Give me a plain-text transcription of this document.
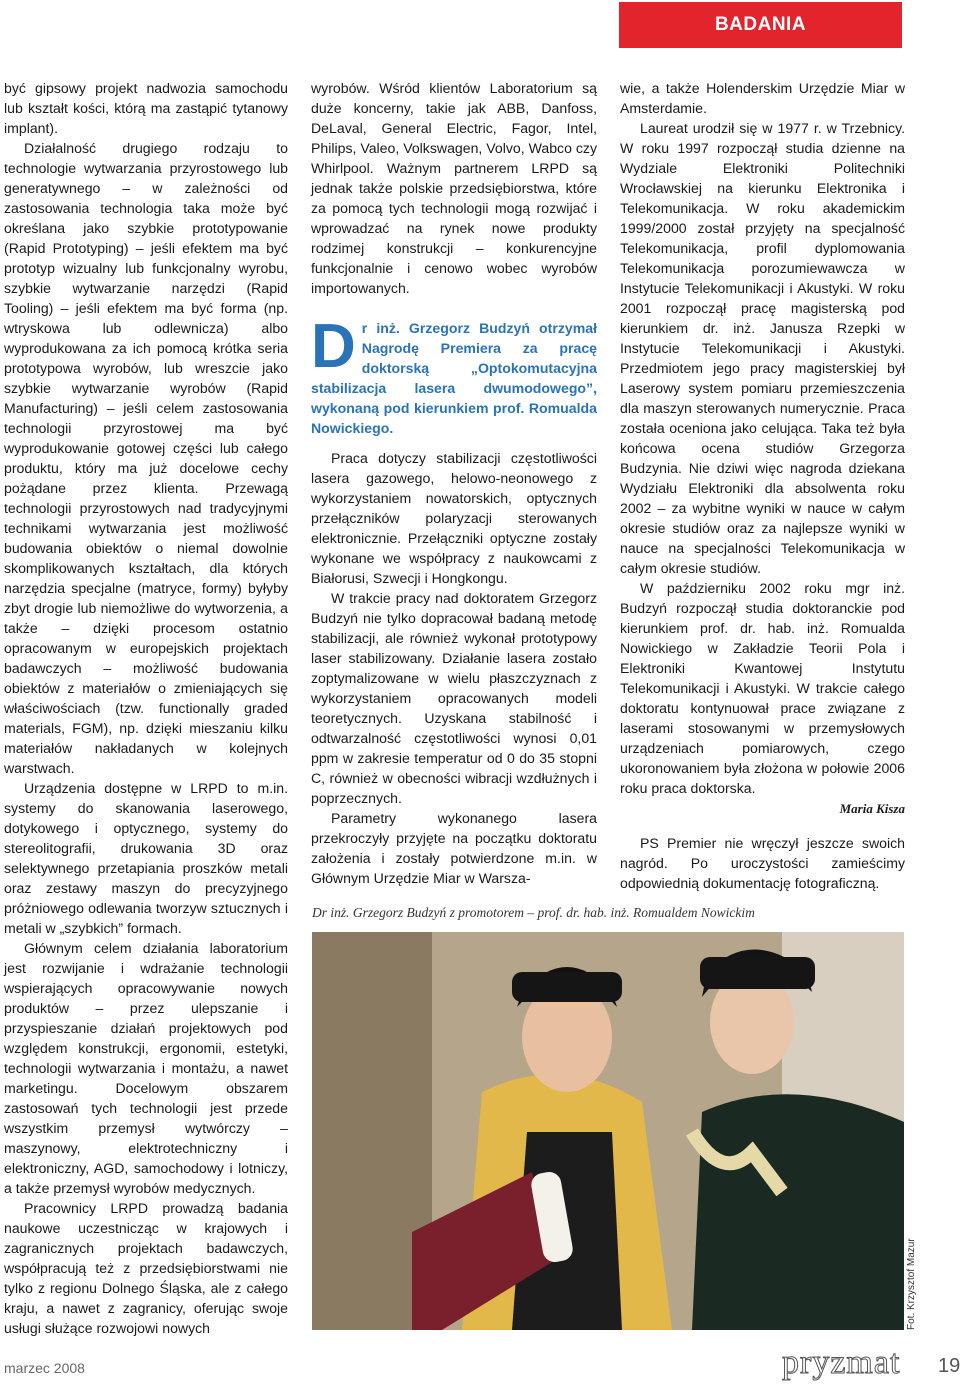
BADANIA

być gipsowy projekt nadwozia samochodu lub kształt kości, którą ma zastąpić tytanowy implant).

Działalność drugiego rodzaju to technologie wytwarzania przyrostowego lub generatywnego – w zależności od zastosowania technologia taka może być określana jako szybkie prototypowanie (Rapid Prototyping) – jeśli efektem ma być prototyp wizualny lub funkcjonalny wyrobu, szybkie wytwarzanie narzędzi (Rapid Tooling) – jeśli efektem ma być forma (np. wtryskowa lub odlewnicza) albo wyprodukowana za ich pomocą krótka seria prototypowa wyrobów, lub wreszcie jako szybkie wytwarzanie wyrobów (Rapid Manufacturing) – jeśli celem zastosowania technologii przyrostowej ma być wyprodukowanie gotowej części lub całego produktu, który ma już docelowe cechy pożądane przez klienta. Przewagą technologii przyrostowych nad tradycyjnymi technikami wytwarzania jest możliwość budowania obiektów o niemal dowolnie skomplikowanych kształtach, dla których narzędzia specjalne (matryce, formy) byłyby zbyt drogie lub niemożliwe do wytworzenia, a także – dzięki procesom ostatnio opracowanym w europejskich projektach badawczych – możliwość budowania obiektów z materiałów o zmieniających się właściwościach (tzw. functionally graded materials, FGM), np. dzięki mieszaniu kilku materiałów nakładanych w kolejnych warstwach.

Urządzenia dostępne w LRPD to m.in. systemy do skanowania laserowego, dotykowego i optycznego, systemy do stereolitografii, drukowania 3D oraz selektywnego przetapiania proszków metali oraz zestawy maszyn do precyzyjnego próżniowego odlewania tworzyw sztucznych i metali w „szybkich” formach.

Głównym celem działania laboratorium jest rozwijanie i wdrażanie technologii wspierających opracowywanie nowych produktów – przez ulepszanie i przyspieszanie działań projektowych pod względem konstrukcji, ergonomii, estetyki, technologii wytwarzania i montażu, a nawet marketingu. Docelowym obszarem zastosowań tych technologii jest przede wszystkim przemysł wytwórczy – maszynowy, elektrotechniczny i elektroniczny, AGD, samochodowy i lotniczy, a także przemysł wyrobów medycznych.

Pracownicy LRPD prowadzą badania naukowe uczestnicząc w krajowych i zagranicznych projektach badawczych, współpracują też z przedsiębiorstwami nie tylko z regionu Dolnego Śląska, ale z całego kraju, a nawet z zagranicy, oferując swoje usługi służące rozwojowi nowych

wyrobów. Wśród klientów Laboratorium są duże koncerny, takie jak ABB, Danfoss, DeLaval, General Electric, Fagor, Intel, Philips, Valeo, Volkswagen, Volvo, Wabco czy Whirlpool. Ważnym partnerem LRPD są jednak także polskie przedsiębiorstwa, które za pomocą tych technologii mogą rozwijać i wprowadzać na rynek nowe produkty rodzimej konstrukcji – konkurencyjne funkcjonalnie i cenowo wobec wyrobów importowanych.

Dr inż. Grzegorz Budzyń otrzymał Nagrodę Premiera za pracę doktorską „Optokomutacyjna stabilizacja lasera dwumodowego”, wykonaną pod kierunkiem prof. Romualda Nowickiego.

Praca dotyczy stabilizacji częstotliwości lasera gazowego, helowo-neonowego z wykorzystaniem nowatorskich, optycznych przełączników polaryzacji sterowanych elektronicznie. Przełączniki optyczne zostały wykonane we współpracy z naukowcami z Białorusi, Szwecji i Hongkongu.

W trakcie pracy nad doktoratem Grzegorz Budzyń nie tylko dopracował badaną metodę stabilizacji, ale również wykonał prototypowy laser stabilizowany. Działanie lasera zostało zoptymalizowane w wielu płaszczyznach z wykorzystaniem opracowanych modeli teoretycznych. Uzyskana stabilność i odtwarzalność częstotliwości wynosi 0,01 ppm w zakresie temperatur od 0 do 35 stopni C, również w obecności wibracji wzdłużnych i poprzecznych.

Parametry wykonanego lasera przekroczyły przyjęte na początku doktoratu założenia i zostały potwierdzone m.in. w Głównym Urzędzie Miar w Warsza-

wie, a także Holenderskim Urzędzie Miar w Amsterdamie.

Laureat urodził się w 1977 r. w Trzebnicy. W roku 1997 rozpoczął studia dzienne na Wydziale Elektroniki Politechniki Wrocławskiej na kierunku Elektronika i Telekomunikacja. W roku akademickim 1999/2000 został przyjęty na specjalność Telekomunikacja, profil dyplomowania Telekomunikacja porozumiewawcza w Instytucie Telekomunikacji i Akustyki. W roku 2001 rozpoczął pracę magisterską pod kierunkiem dr. inż. Janusza Rzepki w Instytucie Telekomunikacji i Akustyki. Przedmiotem jego pracy magisterskiej był Laserowy system pomiaru przemieszczenia dla maszyn sterowanych numerycznie. Praca została oceniona jako celująca. Taka też była końcowa ocena studiów Grzegorza Budzynia. Nie dziwi więc nagroda dziekana Wydziału Elektroniki dla absolwenta roku 2002 – za wybitne wyniki w nauce w całym okresie studiów oraz za najlepsze wyniki w nauce na specjalności Telekomunikacja w całym okresie studiów.

W październiku 2002 roku mgr inż. Budzyń rozpoczął studia doktoranckie pod kierunkiem prof. dr. hab. inż. Romualda Nowickiego w Zakładzie Teorii Pola i Elektroniki Kwantowej Instytutu Telekomunikacji i Akustyki. W trakcie całego doktoratu kontynuował prace związane z laserami stosowanymi w przemysłowych urządzeniach pomiarowych, czego ukoronowaniem była złożona w połowie 2006 roku praca doktorska.

Maria Kisza

PS Premier nie wręczył jeszcze swoich nagród. Po uroczystości zamieścimy odpowiednią dokumentację fotograficzną.

Dr inż. Grzegorz Budzyń z promotorem – prof. dr. hab. inż. Romualdem Nowickim
Fot. Krzysztof Mazur
marzec 2008	pryzmat 19
